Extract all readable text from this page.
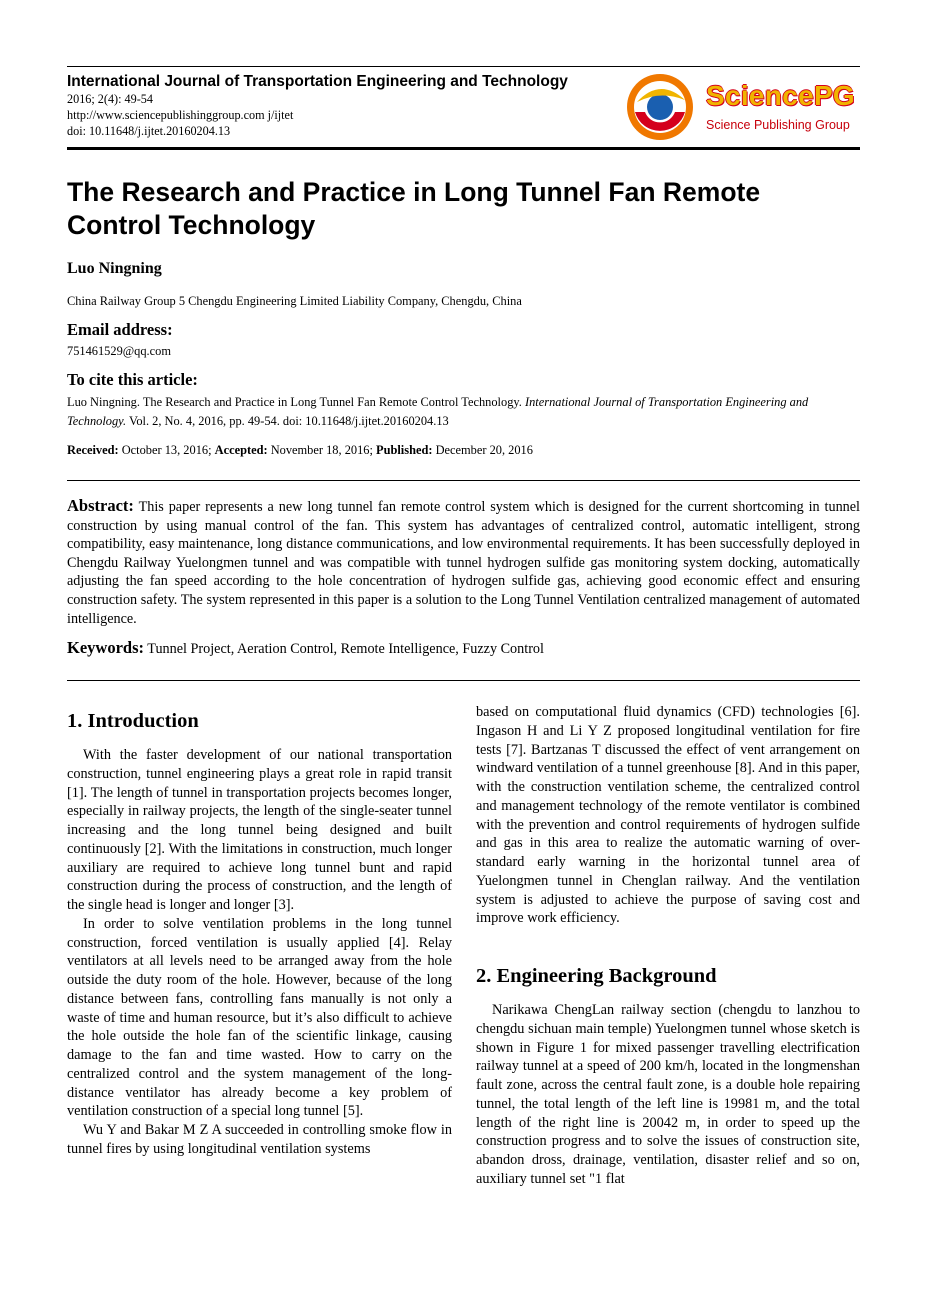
International Journal of Transportation Engineering and Technology
2016; 2(4): 49-54
http://www.sciencepublishinggroup.com j/ijtet
doi: 10.11648/j.ijtet.20160204.13
SciencePG
Science Publishing Group
The Research and Practice in Long Tunnel Fan Remote Control Technology
Luo Ningning
China Railway Group 5 Chengdu Engineering Limited Liability Company, Chengdu, China
Email address:
751461529@qq.com
To cite this article:
Luo Ningning. The Research and Practice in Long Tunnel Fan Remote Control Technology. International Journal of Transportation Engineering and Technology. Vol. 2, No. 4, 2016, pp. 49-54. doi: 10.11648/j.ijtet.20160204.13
Received: October 13, 2016; Accepted: November 18, 2016; Published: December 20, 2016
Abstract: This paper represents a new long tunnel fan remote control system which is designed for the current shortcoming in tunnel construction by using manual control of the fan. This system has advantages of centralized control, automatic intelligent, strong compatibility, easy maintenance, long distance communications, and low environmental requirements. It has been successfully deployed in Chengdu Railway Yuelongmen tunnel and was compatible with tunnel hydrogen sulfide gas monitoring system docking, automatically adjusting the fan speed according to the hole concentration of hydrogen sulfide gas, achieving good economic effect and ensuring construction safety. The system represented in this paper is a solution to the Long Tunnel Ventilation centralized management of automated intelligence.
Keywords: Tunnel Project, Aeration Control, Remote Intelligence, Fuzzy Control
1. Introduction

With the faster development of our national transportation construction, tunnel engineering plays a great role in rapid transit [1]. The length of tunnel in transportation projects becomes longer, especially in railway projects, the length of the single-seater tunnel increasing and the long tunnel being designed and built continuously [2]. With the limitations in construction, much longer auxiliary are required to achieve long tunnel bunt and rapid construction during the process of construction, and the length of the single head is longer and longer [3].

In order to solve ventilation problems in the long tunnel construction, forced ventilation is usually applied [4]. Relay ventilators at all levels need to be arranged away from the hole outside the duty room of the hole. However, because of the long distance between fans, controlling fans manually is not only a waste of time and human resource, but it’s also difficult to achieve the hole outside the hole fan of the scientific linkage, causing damage to the fan and time wasted. How to carry on the centralized control and the system management of the long-distance ventilator has already become a key problem of ventilation construction of a special long tunnel [5].

Wu Y and Bakar M Z A succeeded in controlling smoke flow in tunnel fires by using longitudinal ventilation systems

based on computational fluid dynamics (CFD) technologies [6]. Ingason H and Li Y Z proposed longitudinal ventilation for fire tests [7]. Bartzanas T discussed the effect of vent arrangement on windward ventilation of a tunnel greenhouse [8]. And in this paper, with the construction ventilation scheme, the centralized control and management technology of the remote ventilator is combined with the prevention and control requirements of hydrogen sulfide and gas in this area to realize the automatic warning of over-standard early warning in the horizontal tunnel area of Yuelongmen tunnel in Chenglan railway. And the ventilation system is adjusted to achieve the purpose of saving cost and improve work efficiency.

2. Engineering Background

Narikawa ChengLan railway section (chengdu to lanzhou to chengdu sichuan main temple) Yuelongmen tunnel whose sketch is shown in Figure 1 for mixed passenger travelling electrification railway tunnel at a speed of 200 km/h, located in the longmenshan fault zone, across the central fault zone, is a double hole repairing tunnel, the total length of the left line is 19981 m, and the total length of the right line is 20042 m, in order to speed up the construction progress and to solve the issues of construction site, abandon dross, drainage, ventilation, disaster relief and so on, auxiliary tunnel set "1 flat
